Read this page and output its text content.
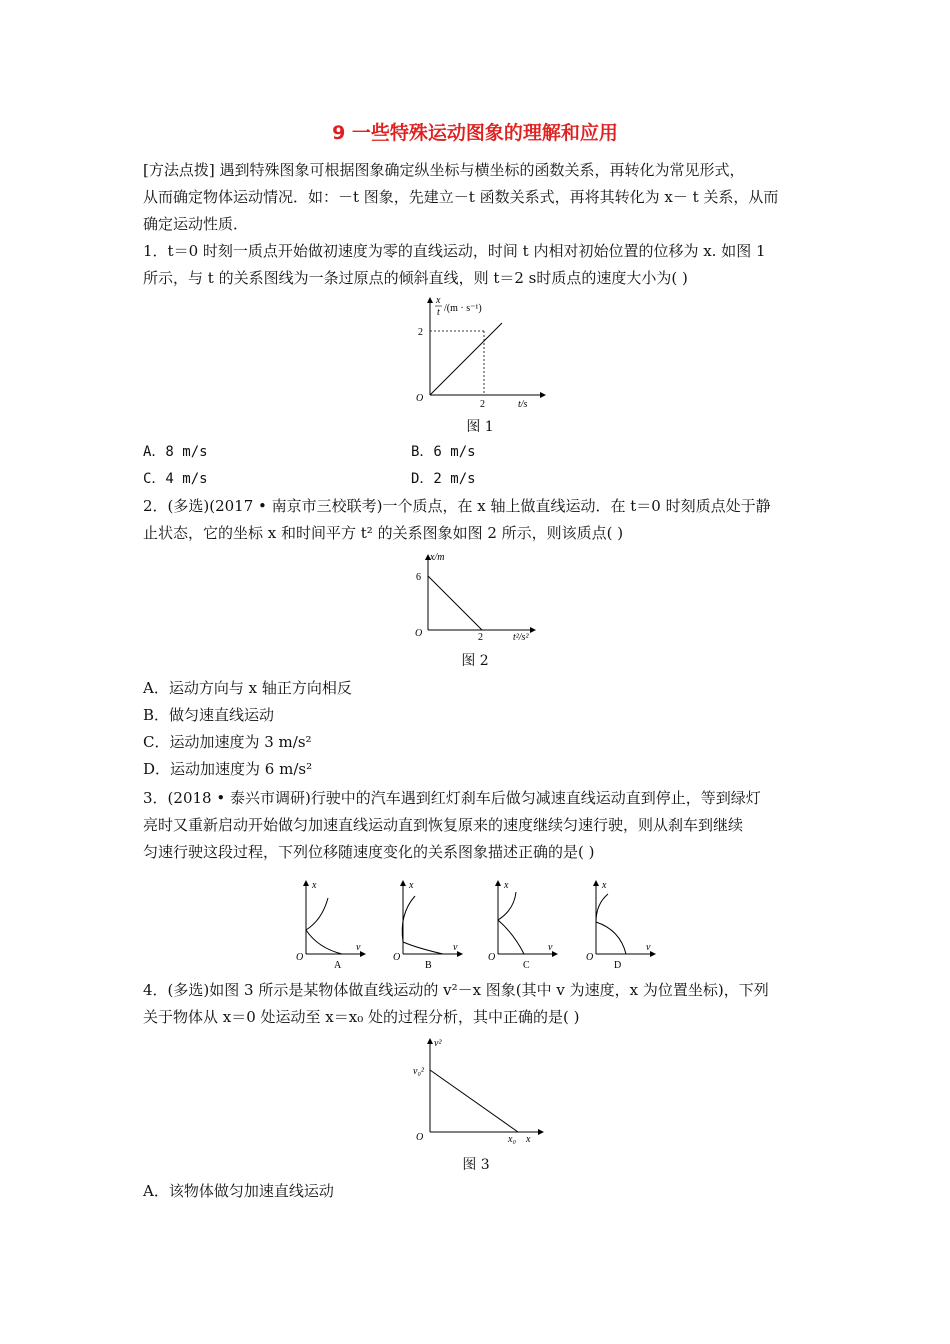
9 一些特殊运动图象的理解和应用
[方法点拨] 遇到特殊图象可根据图象确定纵坐标与横坐标的函数关系，再转化为常见形式，
从而确定物体运动情况．如：－t 图象，先建立－t 函数关系式，再将其转化为 x－ t 关系，从而
确定运动性质．
1．t＝0 时刻一质点开始做初速度为零的直线运动，时间 t 内相对初始位置的位移为 x. 如图 1
所示，与 t 的关系图线为一条过原点的倾斜直线，则 t＝2 s时质点的速度大小为( )
x
t /(m · s⁻¹)
2
2
O
t/s
图 1
A．8 m/s	B．6 m/s
C．4 m/s	D．2 m/s
2．(多选)(2017 • 南京市三校联考)一个质点，在 x 轴上做直线运动．在 t＝0 时刻质点处于静
止状态，它的坐标 x 和时间平方 t² 的关系图象如图 2 所示，则该质点( )
x/m
6
2
O	t²/s²
图 2
A．运动方向与 x 轴正方向相反
B．做匀速直线运动
C．运动加速度为 3 m/s²
D．运动加速度为 6 m/s²
3．(2018 • 泰兴市调研)行驶中的汽车遇到红灯刹车后做匀减速直线运动直到停止，等到绿灯
亮时又重新启动开始做匀加速直线运动直到恢复原来的速度继续匀速行驶，则从刹车到继续
匀速行驶这段过程，下列位移随速度变化的关系图象描述正确的是( )
x
v
O
A
x
v
O
B
x
v
O
C
x
v
O
D
4．(多选)如图 3 所示是某物体做直线运动的 v²－x 图象(其中 v 为速度，x 为位置坐标)，下列
关于物体从 x＝0 处运动至 x＝x₀ 处的过程分析，其中正确的是( )
v²
v₀²
x₀ x
O
图 3
A．该物体做匀加速直线运动
